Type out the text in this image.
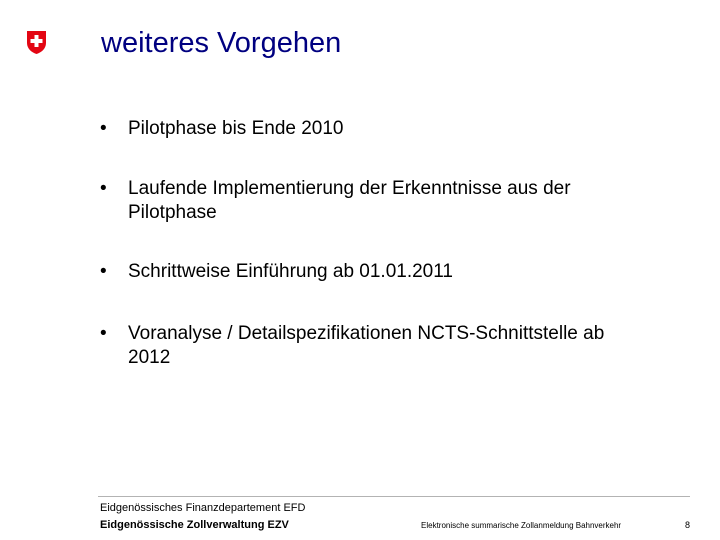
weiteres Vorgehen
•	Pilotphase bis Ende 2010
•	Laufende Implementierung der Erkenntnisse aus der Pilotphase
•	Schrittweise Einführung ab 01.01.2011
•	Voranalyse / Detailspezifikationen NCTS-Schnittstelle ab 2012
Eidgenössisches Finanzdepartement EFD
Eidgenössische Zollverwaltung EZV	Elektronische summarische Zollanmeldung Bahnverkehr	8
